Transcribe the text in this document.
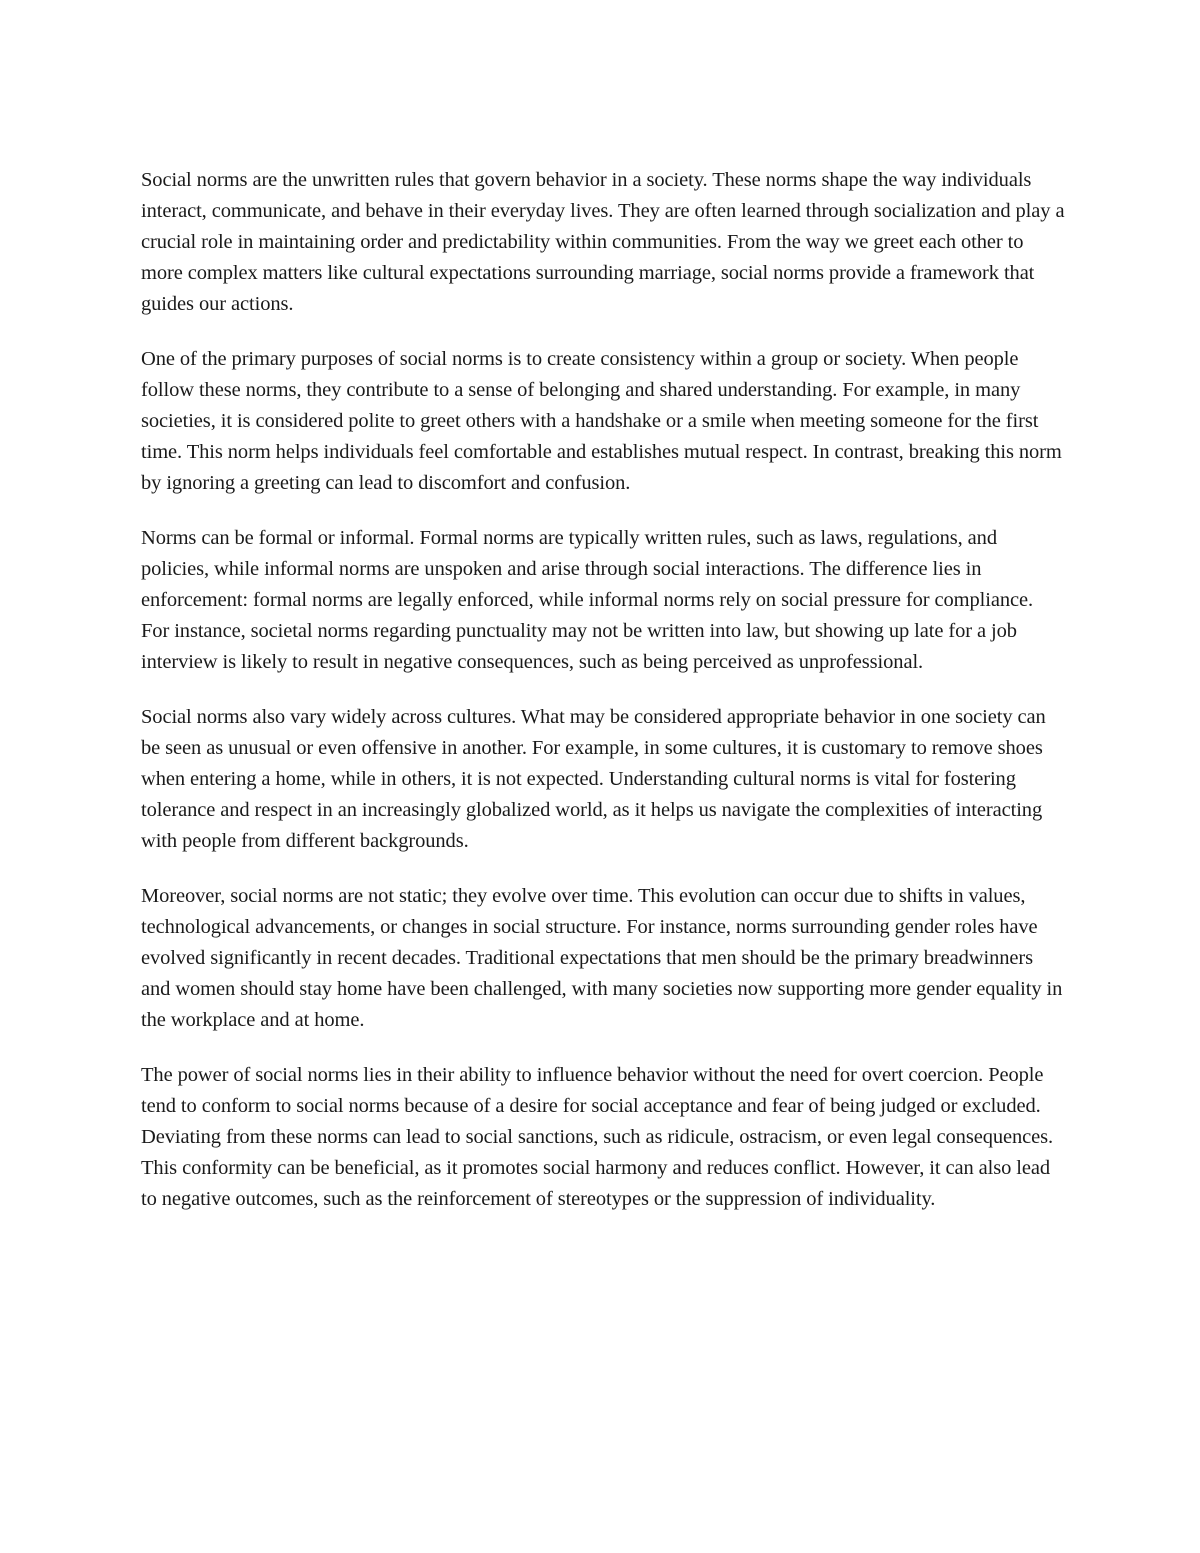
Social norms are the unwritten rules that govern behavior in a society. These norms shape the way individuals interact, communicate, and behave in their everyday lives. They are often learned through socialization and play a crucial role in maintaining order and predictability within communities. From the way we greet each other to more complex matters like cultural expectations surrounding marriage, social norms provide a framework that guides our actions.

One of the primary purposes of social norms is to create consistency within a group or society. When people follow these norms, they contribute to a sense of belonging and shared understanding. For example, in many societies, it is considered polite to greet others with a handshake or a smile when meeting someone for the first time. This norm helps individuals feel comfortable and establishes mutual respect. In contrast, breaking this norm by ignoring a greeting can lead to discomfort and confusion.

Norms can be formal or informal. Formal norms are typically written rules, such as laws, regulations, and policies, while informal norms are unspoken and arise through social interactions. The difference lies in enforcement: formal norms are legally enforced, while informal norms rely on social pressure for compliance. For instance, societal norms regarding punctuality may not be written into law, but showing up late for a job interview is likely to result in negative consequences, such as being perceived as unprofessional.

Social norms also vary widely across cultures. What may be considered appropriate behavior in one society can be seen as unusual or even offensive in another. For example, in some cultures, it is customary to remove shoes when entering a home, while in others, it is not expected. Understanding cultural norms is vital for fostering tolerance and respect in an increasingly globalized world, as it helps us navigate the complexities of interacting with people from different backgrounds.

Moreover, social norms are not static; they evolve over time. This evolution can occur due to shifts in values, technological advancements, or changes in social structure. For instance, norms surrounding gender roles have evolved significantly in recent decades. Traditional expectations that men should be the primary breadwinners and women should stay home have been challenged, with many societies now supporting more gender equality in the workplace and at home.

The power of social norms lies in their ability to influence behavior without the need for overt coercion. People tend to conform to social norms because of a desire for social acceptance and fear of being judged or excluded. Deviating from these norms can lead to social sanctions, such as ridicule, ostracism, or even legal consequences. This conformity can be beneficial, as it promotes social harmony and reduces conflict. However, it can also lead to negative outcomes, such as the reinforcement of stereotypes or the suppression of individuality.
